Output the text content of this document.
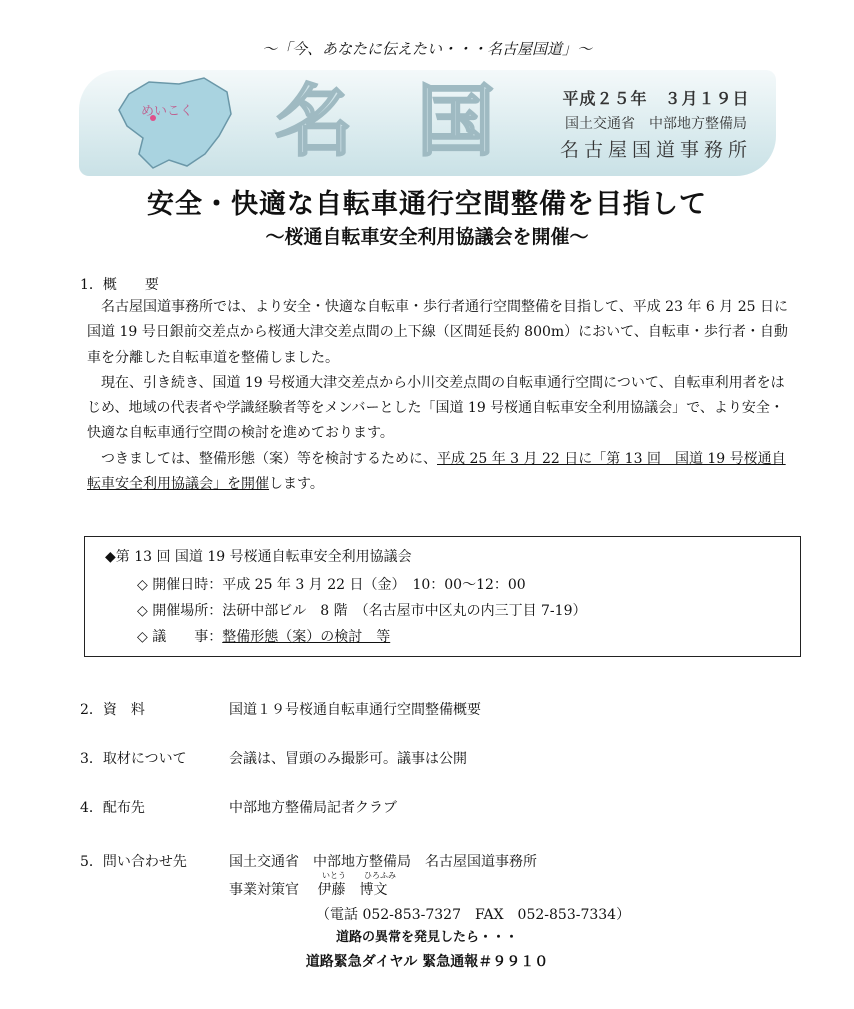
～「今、あなたに伝えたい・・・名古屋国道」～
めいこく 名 国	平成２５年　３月１９日
国土交通省　中部地方整備局
名古屋国道事務所
安全・快適な自転車通行空間整備を目指して
～桜通自転車安全利用協議会を開催～
1．概　　要

名古屋国道事務所では、より安全・快適な自転車・歩行者通行空間整備を目指して、平成 23 年 6 月 25 日に国道 19 号日銀前交差点から桜通大津交差点間の上下線（区間延長約 800m）において、自転車・歩行者・自動車を分離した自転車道を整備しました。

現在、引き続き、国道 19 号桜通大津交差点から小川交差点間の自転車通行空間について、自転車利用者をはじめ、地域の代表者や学識経験者等をメンバーとした「国道 19 号桜通自転車安全利用協議会」で、より安全・快適な自転車通行空間の検討を進めております。

つきましては、整備形態（案）等を検討するために、平成 25 年 3 月 22 日に「第 13 回　国道 19 号桜通自転車安全利用協議会」を開催します。

◆第 13 回 国道 19 号桜通自転車安全利用協議会
◇ 開催日時：平成 25 年 3 月 22 日（金）　10：00～12：00
◇ 開催場所：法研中部ビル　8 階　（名古屋市中区丸の内三丁目 7-19）
◇ 議　　事：整備形態（案）の検討　等
2．資　料	国道１９号桜通自転車通行空間整備概要
3．取材について	会議は、冒頭のみ撮影可。議事は公開
4．配布先	中部地方整備局記者クラブ
5．問い合わせ先	国土交通省　中部地方整備局　名古屋国道事務所
いとう ひろふみ
事業対策官　 伊藤　博文
（電話 052-853-7327　FAX　052-853-7334）
道路の異常を発見したら・・・
道路緊急ダイヤル 緊急通報＃９９１０
